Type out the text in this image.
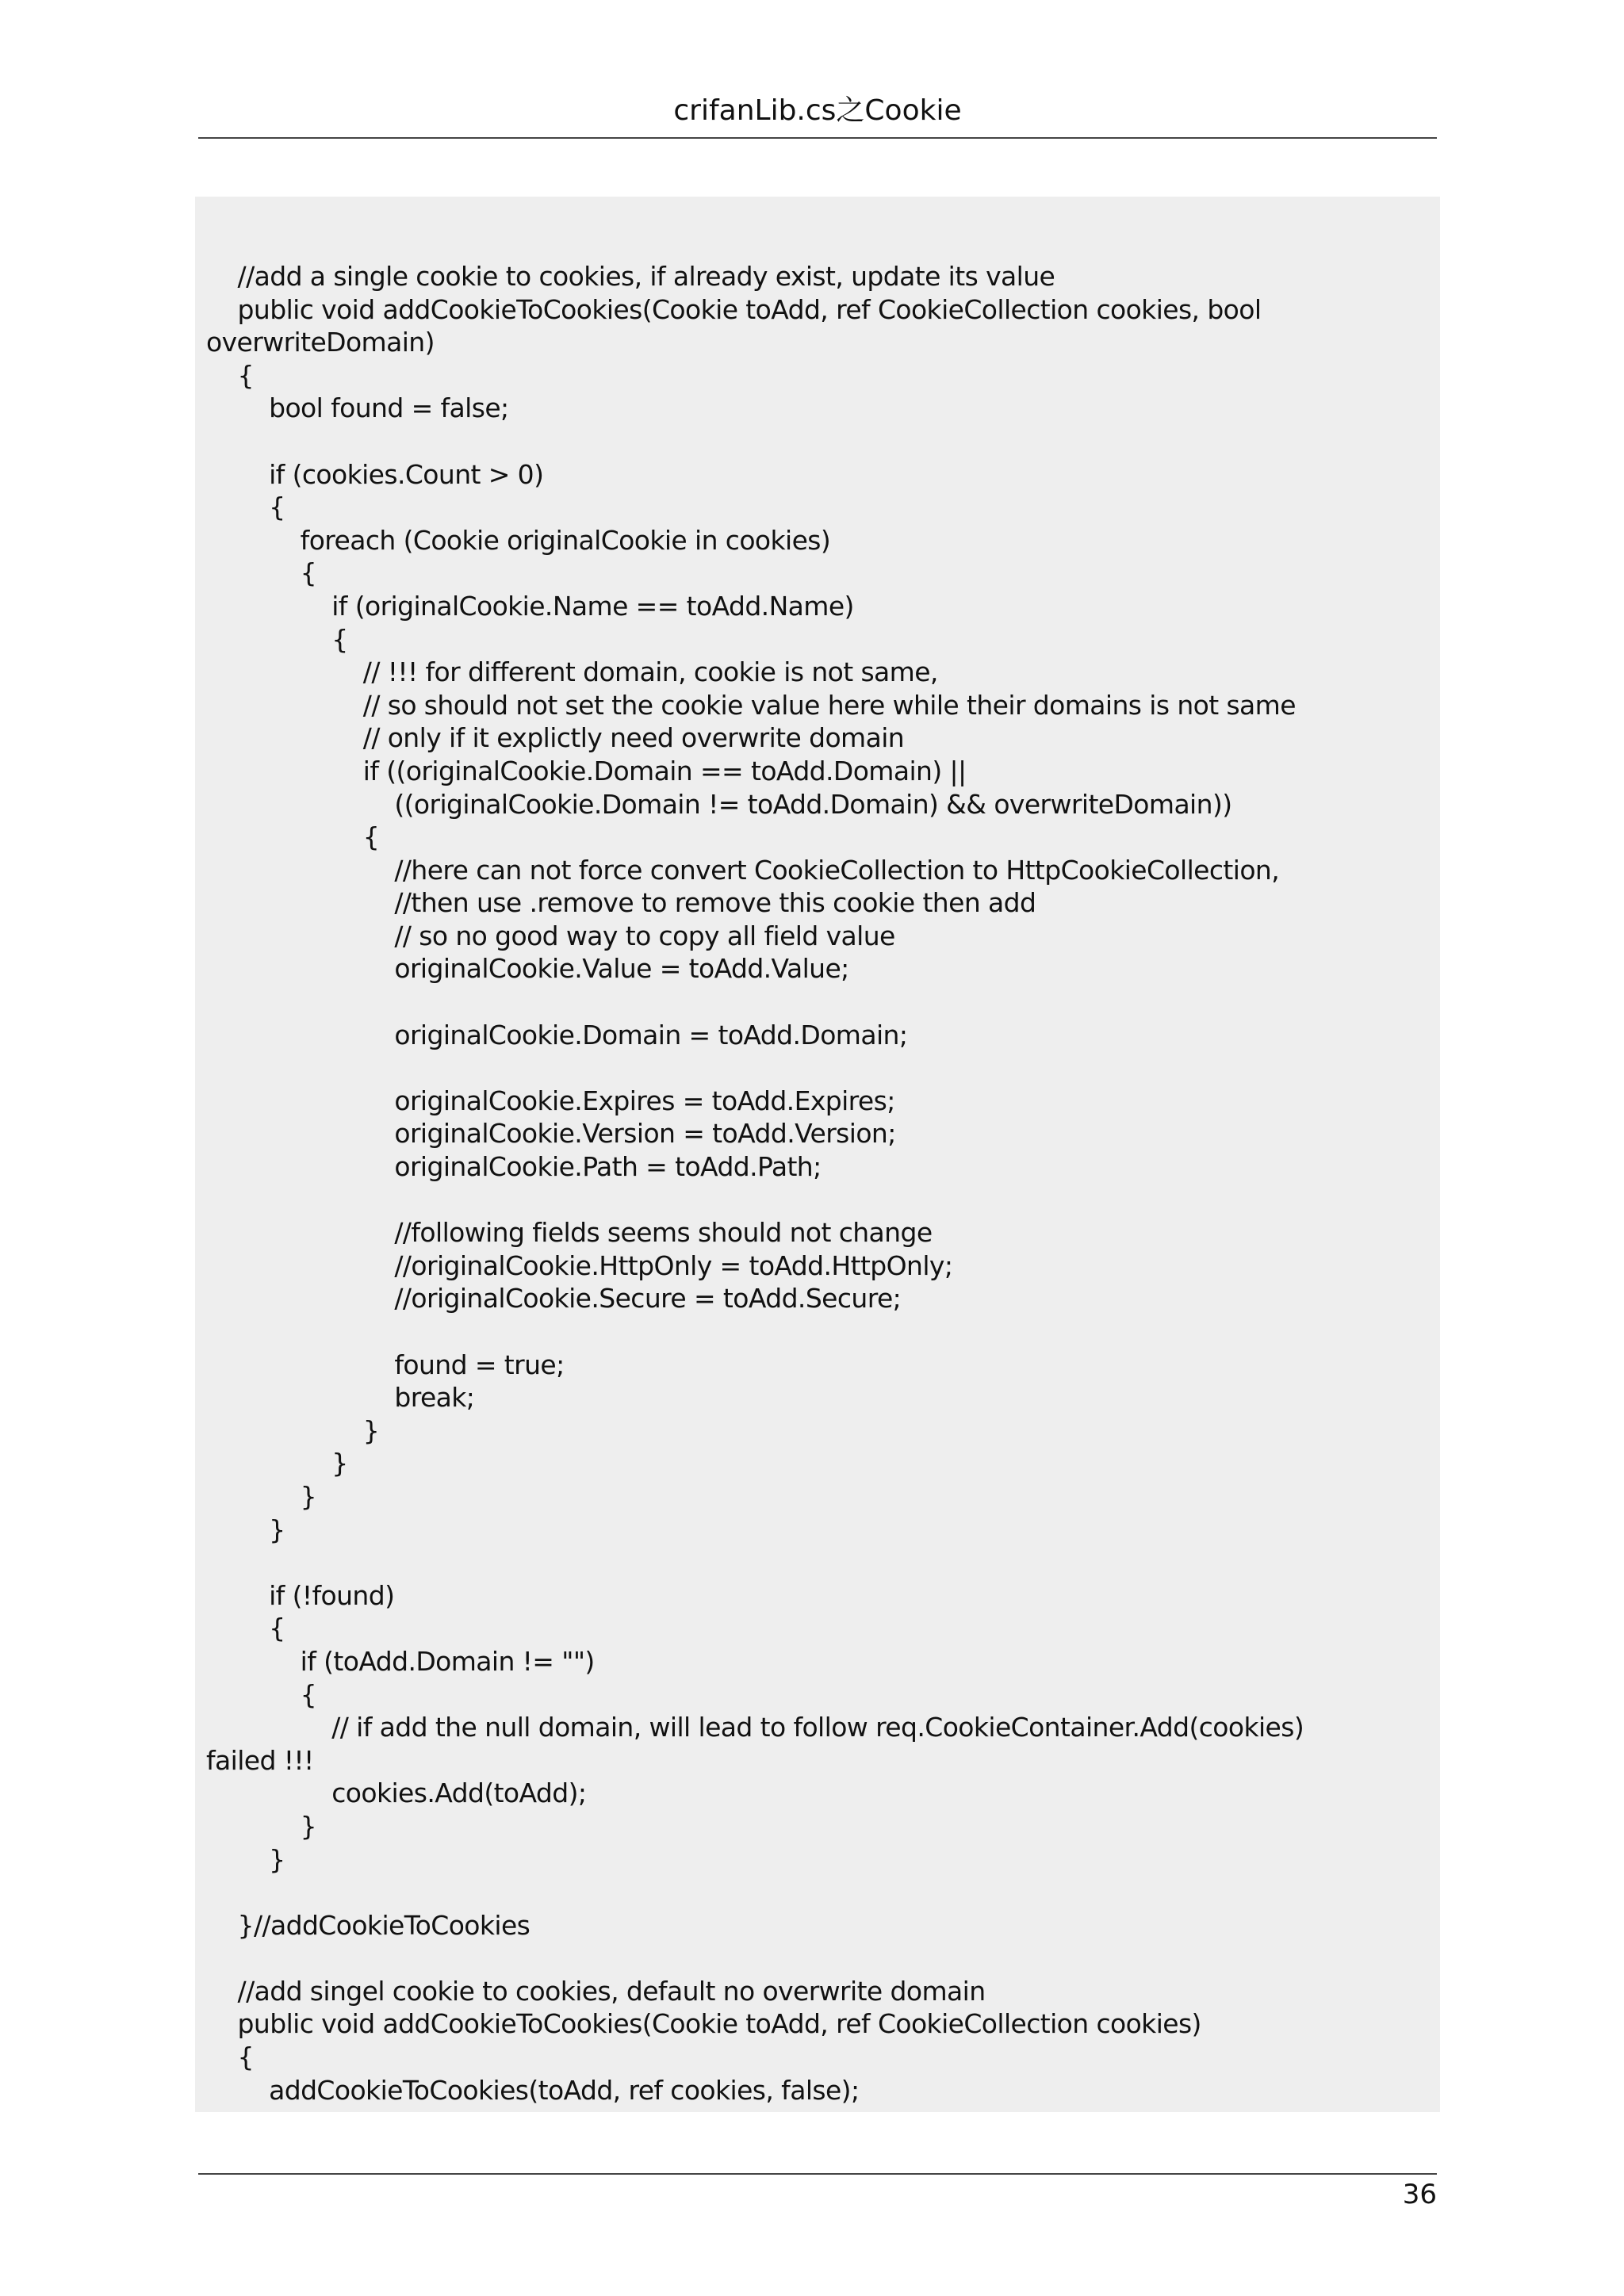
crifanLib.cs之Cookie
//add a single cookie to cookies, if already exist, update its value
public void addCookieToCookies(Cookie toAdd, ref CookieCollection cookies, bool
overwriteDomain)
{
bool found = false;

if (cookies.Count > 0)
{
foreach (Cookie originalCookie in cookies)
{
if (originalCookie.Name == toAdd.Name)
{
// !!! for different domain, cookie is not same,
// so should not set the cookie value here while their domains is not same
// only if it explictly need overwrite domain
if ((originalCookie.Domain == toAdd.Domain) ||
((originalCookie.Domain != toAdd.Domain) && overwriteDomain))
{
//here can not force convert CookieCollection to HttpCookieCollection,
//then use .remove to remove this cookie then add
// so no good way to copy all field value
originalCookie.Value = toAdd.Value;

originalCookie.Domain = toAdd.Domain;

originalCookie.Expires = toAdd.Expires;
originalCookie.Version = toAdd.Version;
originalCookie.Path = toAdd.Path;

//following fields seems should not change
//originalCookie.HttpOnly = toAdd.HttpOnly;
//originalCookie.Secure = toAdd.Secure;

found = true;
break;
}
}
}
}

if (!found)
{
if (toAdd.Domain != "")
{
// if add the null domain, will lead to follow req.CookieContainer.Add(cookies)
failed !!!
cookies.Add(toAdd);
}
}

}//addCookieToCookies

//add singel cookie to cookies, default no overwrite domain
public void addCookieToCookies(Cookie toAdd, ref CookieCollection cookies)
{
addCookieToCookies(toAdd, ref cookies, false);
36
